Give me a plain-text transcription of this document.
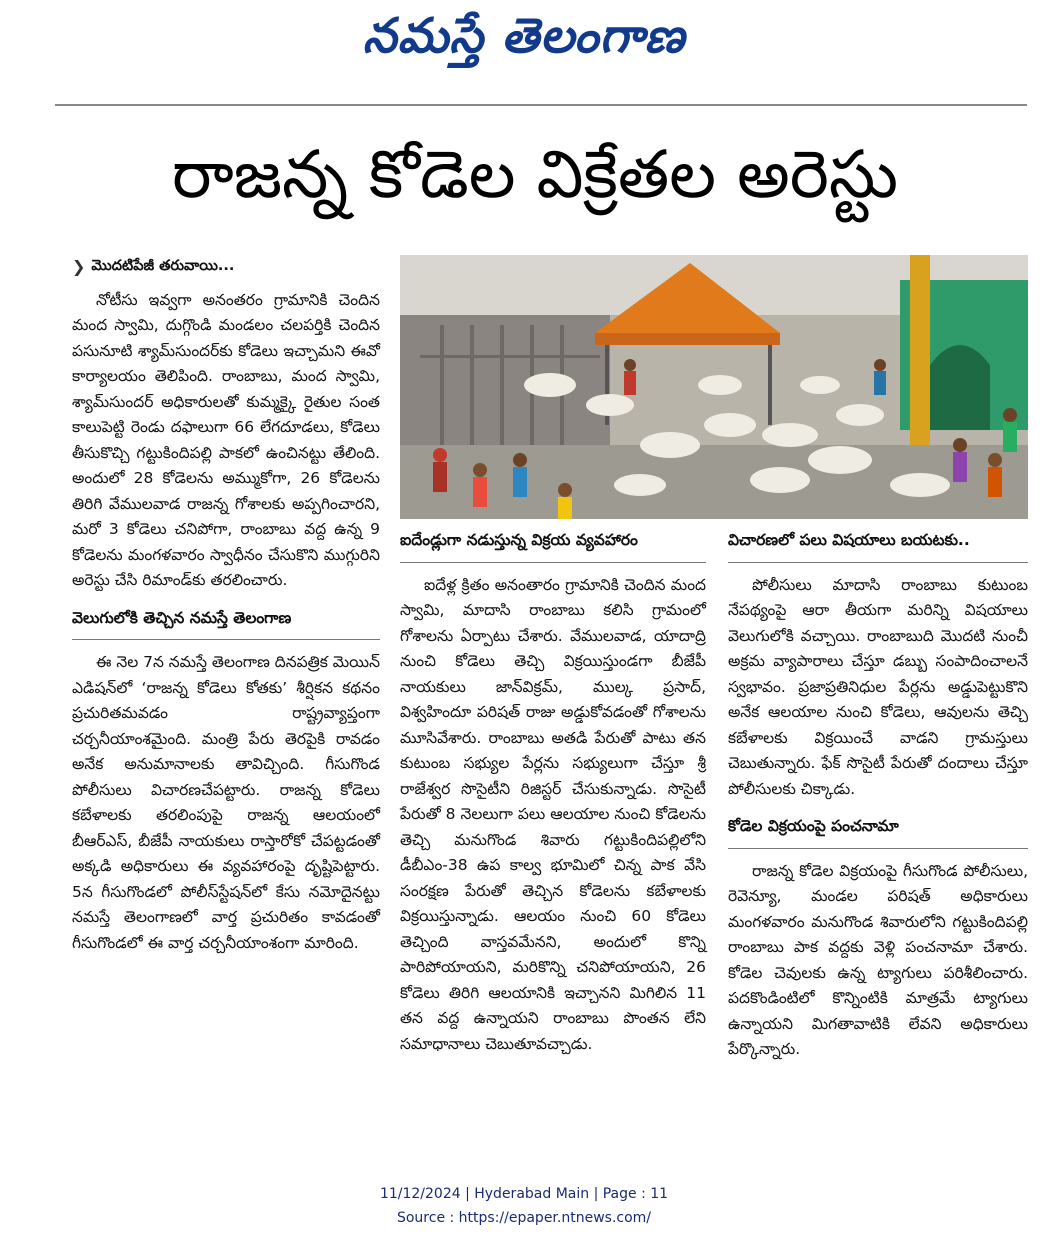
నమస్తే తెలంగాణ
రాజన్న కోడెల విక్రేతల అరెస్టు
❯ మొదటిపేజీ తరువాయి...

నోటీసు ఇవ్వగా అనంతరం గ్రామానికి చెందిన మంద స్వామి, దుగ్గొండి మండలం చలపర్తికి చెందిన పసునూటి శ్యామ్‌సుందర్‌కు కోడెలు ఇచ్చామని ఈవో కార్యాలయం తెలిపింది. రాంబాబు, మంద స్వామి, శ్యామ్‌సుందర్ అధికారులతో కుమ్మక్కై రైతుల సంత కాలుపెట్టి రెండు దఫాలుగా 66 లేగదూడలు, కోడెలు తీసుకొచ్చి గట్టుకిందిపల్లి పాకలో ఉంచినట్టు తేలింది. అందులో 28 కోడెలను అమ్ముకోగా, 26 కోడెలను తిరిగి వేములవాడ రాజన్న గోశాలకు అప్పగించారని, మరో 3 కోడెలు చనిపోగా, రాంబాబు వద్ద ఉన్న 9 కోడెలను మంగళవారం స్వాధీనం చేసుకొని ముగ్గురిని అరెస్టు చేసి రిమాండ్‌కు తరలించారు.

వెలుగులోకి తెచ్చిన నమస్తే తెలంగాణ

ఈ నెల 7న నమస్తే తెలంగాణ దినపత్రిక మెయిన్ ఎడిషన్‌లో ‘రాజన్న కోడెలు కోతకు’ శీర్షికన కథనం ప్రచురితమవడం రాష్ట్రవ్యాప్తంగా చర్చనీయాంశమైంది. మంత్రి పేరు తెరపైకి రావడం అనేక అనుమానాలకు తావిచ్చింది. గీసుగొండ పోలీసులు విచారణచేపట్టారు. రాజన్న కోడెలు కబేళాలకు తరలింపుపై రాజన్న ఆలయంలో బీఆర్ఎస్, బీజేపీ నాయకులు రాస్తారోకో చేపట్టడంతో అక్కడి అధికారులు ఈ వ్యవహారంపై దృష్టిపెట్టారు. 5న గీసుగొండలో పోలీస్‌స్టేషన్‌లో కేసు నమోదైనట్టు నమస్తే తెలంగాణలో వార్త ప్రచురితం కావడంతో గీసుగొండలో ఈ వార్త చర్చనీయాంశంగా మారింది.

ఐదేండ్లుగా నడుస్తున్న విక్రయ వ్యవహారం

ఐదేళ్ల క్రితం అనంతారం గ్రామానికి చెందిన మంద స్వామి, మాదాసి రాంబాబు కలిసి గ్రామంలో గోశాలను ఏర్పాటు చేశారు. వేములవాడ, యాదాద్రి నుంచి కోడెలు తెచ్చి విక్రయిస్తుండగా బీజేపీ నాయకులు జాన్‌విక్రమ్, ముల్క ప్రసాద్, విశ్వహిందూ పరిషత్ రాజు అడ్డుకోవడంతో గోశాలను మూసివేశారు. రాంబాబు అతడి పేరుతో పాటు తన కుటుంబ సభ్యుల పేర్లను సభ్యులుగా చేస్తూ శ్రీ రాజేశ్వర సొసైటీని రిజిస్టర్ చేసుకున్నాడు. సొసైటీ పేరుతో 8 నెలలుగా పలు ఆలయాల నుంచి కోడెలను తెచ్చి మనుగొండ శివారు గట్టుకిందిపల్లిలోని డీబీఎం-38 ఉప కాల్వ భూమిలో చిన్న పాక వేసి సంరక్షణ పేరుతో తెచ్చిన కోడెలను కబేళాలకు విక్రయిస్తున్నాడు. ఆలయం నుంచి 60 కోడెలు తెచ్చింది వాస్తవమేనని, అందులో కొన్ని పారిపోయాయని, మరికొన్ని చనిపోయాయని, 26 కోడెలు తిరిగి ఆలయానికి ఇచ్చానని మిగిలిన 11 తన వద్ద ఉన్నాయని రాంబాబు పొంతన లేని సమాధానాలు చెబుతూవచ్చాడు.

విచారణలో పలు విషయాలు బయటకు..

పోలీసులు మాదాసి రాంబాబు కుటుంబ నేపథ్యంపై ఆరా తీయగా మరిన్ని విషయాలు వెలుగులోకి వచ్చాయి. రాంబాబుది మొదటి నుంచీ అక్రమ వ్యాపారాలు చేస్తూ డబ్బు సంపాదించాలనే స్వభావం. ప్రజాప్రతినిధుల పేర్లను అడ్డుపెట్టుకొని అనేక ఆలయాల నుంచి కోడెలు, ఆవులను తెచ్చి కబేళాలకు విక్రయించే వాడని గ్రామస్తులు చెబుతున్నారు. ఫేక్ సొసైటీ పేరుతో దందాలు చేస్తూ పోలీసులకు చిక్కాడు.

కోడెల విక్రయంపై పంచనామా

రాజన్న కోడెల విక్రయంపై గీసుగొండ పోలీసులు, రెవెన్యూ, మండల పరిషత్ అధికారులు మంగళవారం మనుగొండ శివారులోని గట్టుకిందిపల్లి రాంబాబు పాక వద్దకు వెళ్లి పంచనామా చేశారు. కోడెల చెవులకు ఉన్న ట్యాగులు పరిశీలించారు. పదకొండింటిలో కొన్నింటికి మాత్రమే ట్యాగులు ఉన్నాయని మిగతావాటికి లేవని అధికారులు పేర్కొన్నారు.

11/12/2024 | Hyderabad Main | Page : 11
Source : https://epaper.ntnews.com/
